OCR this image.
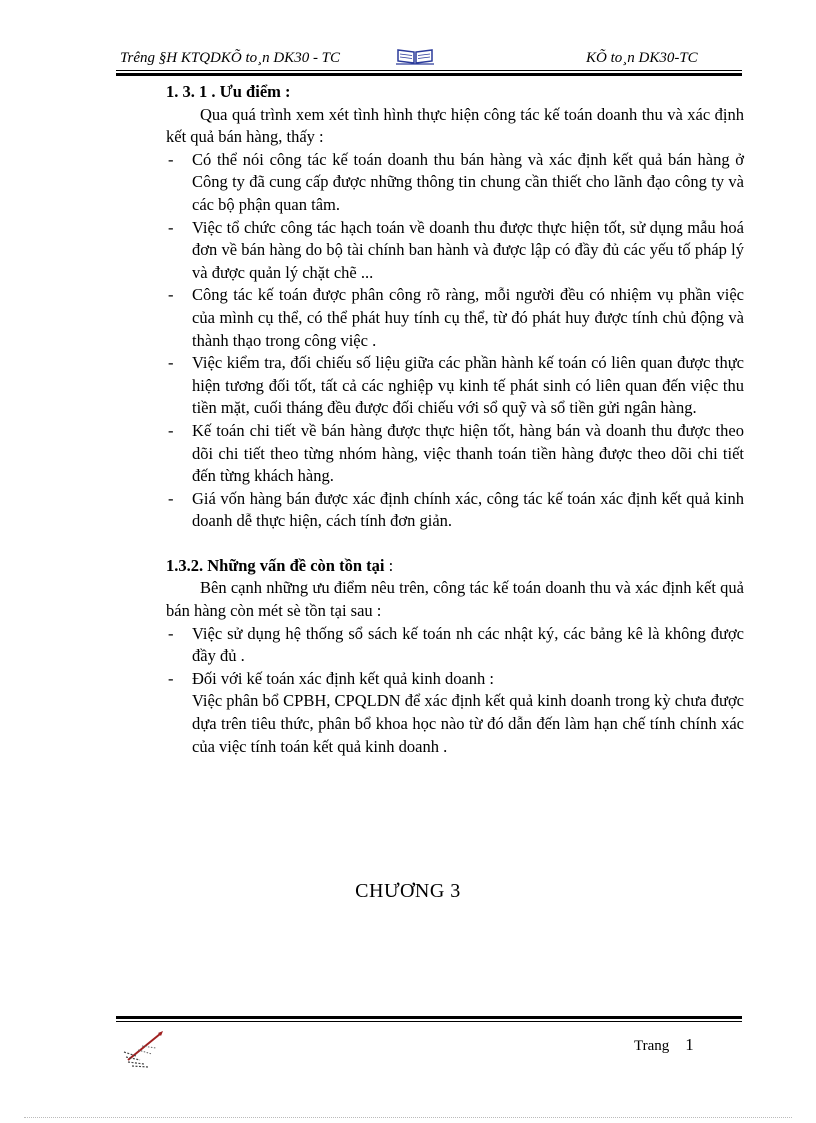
Trêng §H KTQDKÕ to¸n DK30 - TC	KÕ to¸n DK30-TC

1. 3. 1 . Ưu điểm :

Qua quá trình xem xét tình hình thực hiện công tác kế toán doanh thu và xác định kết quả bán hàng, thấy :

- Có thể nói công tác kế toán doanh thu bán hàng và xác định kết quả bán hàng ở Công ty đã cung cấp được những thông tin chung cần thiết cho lãnh đạo công ty và các bộ phận quan tâm.
- Việc tổ chức công tác hạch toán về doanh thu được thực hiện tốt, sử dụng mẫu hoá đơn về bán hàng do bộ tài chính ban hành và được lập có đầy đủ các yếu tố pháp lý và được quản lý chặt chẽ ...
- Công tác kế toán được phân công rõ ràng, mỗi người đều có nhiệm vụ phần việc của mình cụ thể, có thể phát huy tính cụ thể, từ đó phát huy được tính chủ động và thành thạo trong công việc .
- Việc kiểm tra, đối chiếu số liệu giữa các phần hành kế toán có liên quan được thực hiện tương đối tốt, tất cả các nghiệp vụ kinh tế phát sinh có liên quan đến việc thu tiền mặt, cuối tháng đều được đối chiếu với sổ quỹ và sổ tiền gửi ngân hàng.
- Kế toán chi tiết về bán hàng được thực hiện tốt, hàng bán và doanh thu được theo dõi chi tiết theo từng nhóm hàng, việc thanh toán tiền hàng được theo dõi chi tiết đến từng khách hàng.
- Giá vốn hàng bán được xác định chính xác, công tác kế toán xác định kết quả kinh doanh dễ thực hiện, cách tính đơn giản.

1.3.2. Những vấn đề còn tồn tại :

Bên cạnh những ưu điểm nêu trên, công tác kế toán doanh thu và xác định kết quả bán hàng còn mét sè tồn tại sau :

- Việc sử dụng hệ thống sổ sách kế toán nh các nhật ký, các bảng kê là không được đầy đủ .
- Đối với kế toán xác định kết quả kinh doanh :

Việc phân bổ CPBH, CPQLDN để xác định kết quả kinh doanh trong kỳ chưa được dựa trên tiêu thức, phân bổ khoa học nào từ đó dẫn đến làm hạn chế tính chính xác của việc tính toán kết quả kinh doanh .

CHƯƠNG 3
Trang 1
